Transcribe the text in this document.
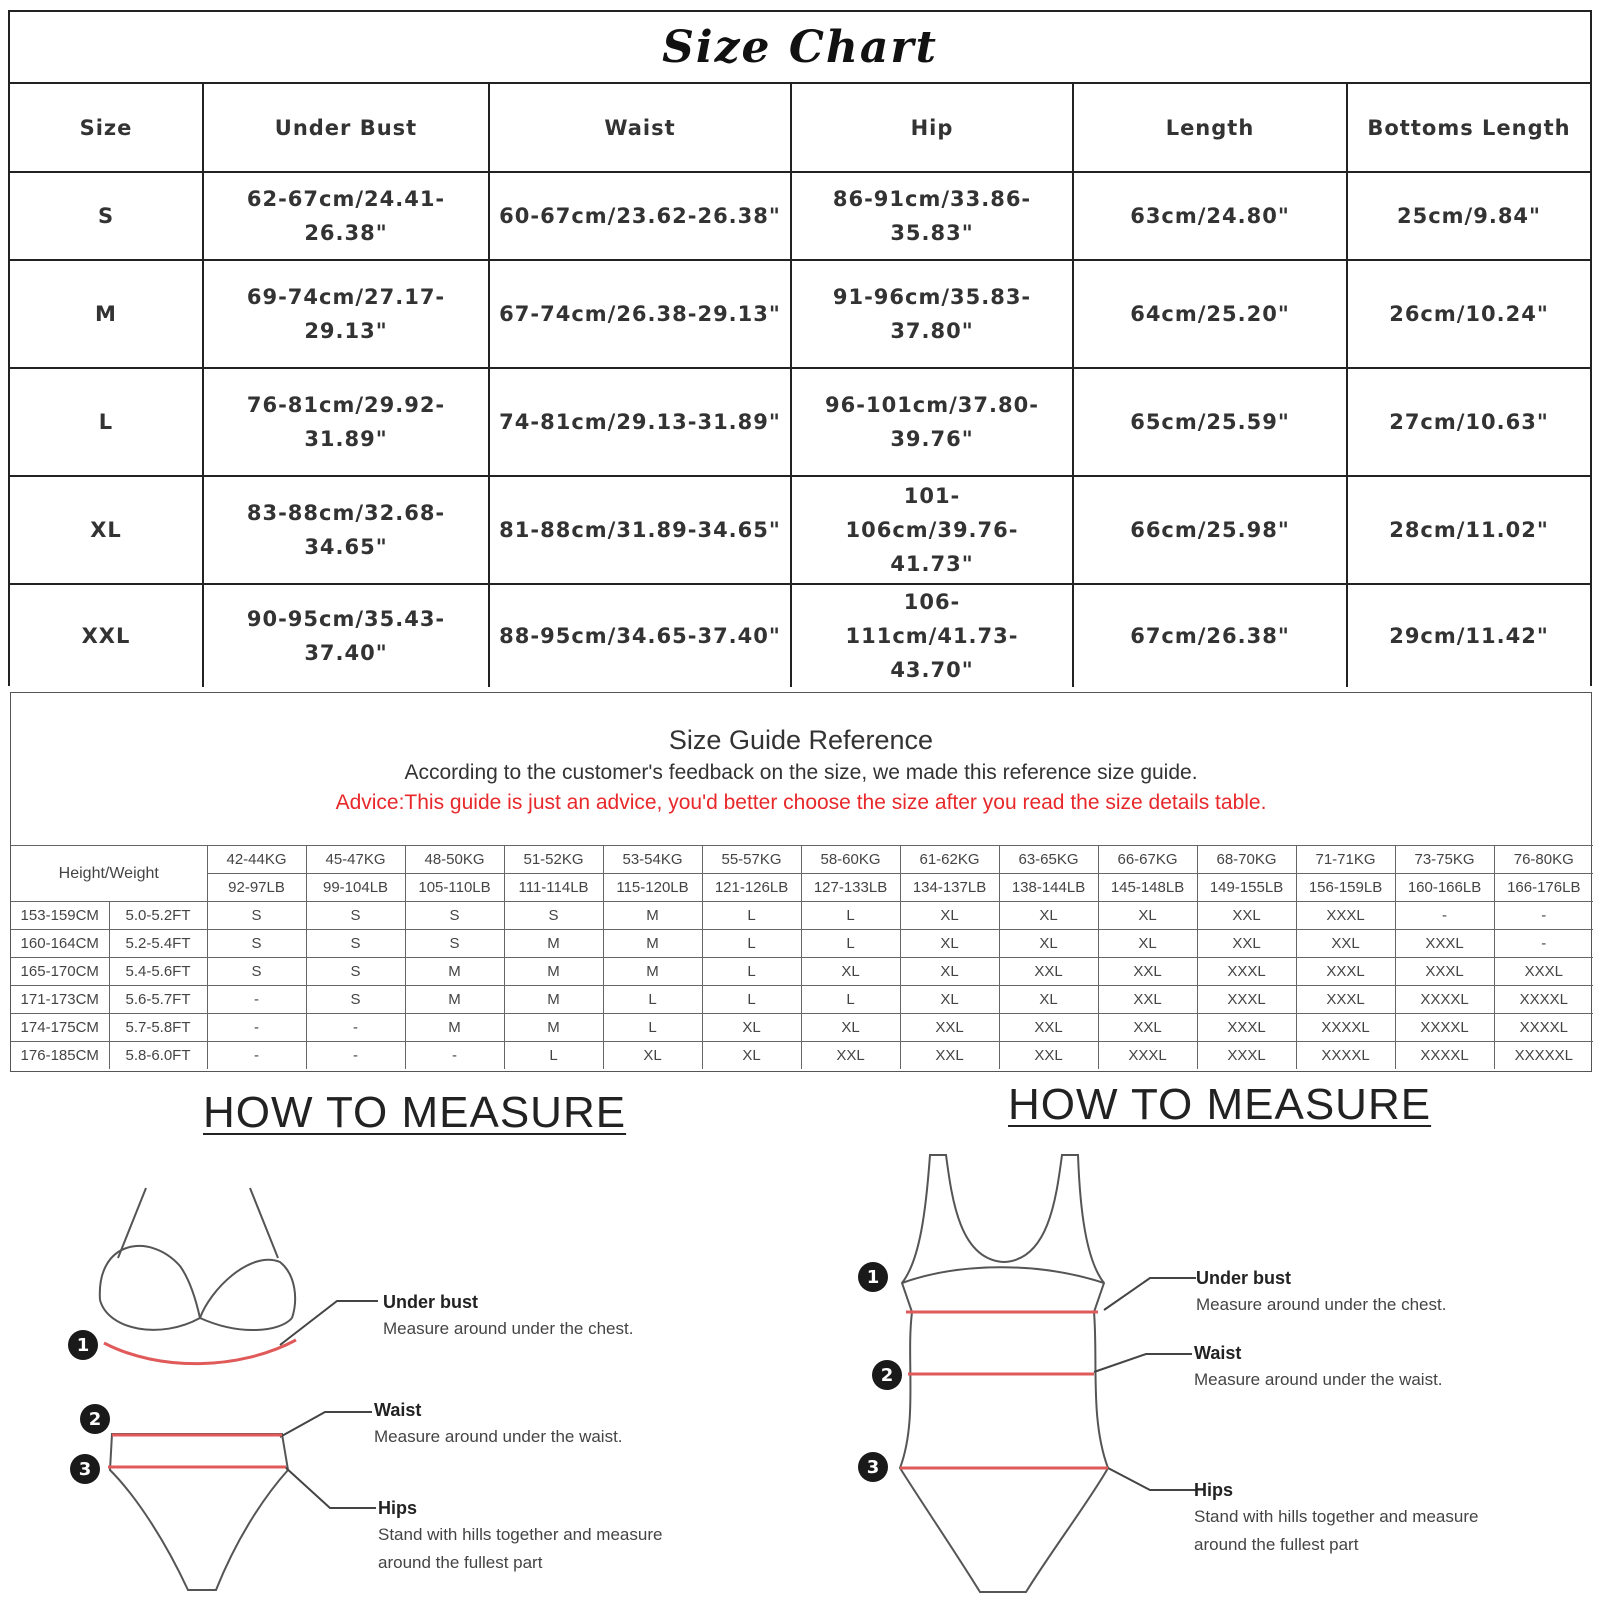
Size Chart
Size	Under Bust	Waist	Hip	Length	Bottoms Length
S	62-67cm/24.41-26.38"	60-67cm/23.62-26.38"	86-91cm/33.86-35.83"	63cm/24.80"	25cm/9.84"
M	69-74cm/27.17-29.13"	67-74cm/26.38-29.13"	91-96cm/35.83-37.80"	64cm/25.20"	26cm/10.24"
L	76-81cm/29.92-31.89"	74-81cm/29.13-31.89"	96-101cm/37.80-39.76"	65cm/25.59"	27cm/10.63"
XL	83-88cm/32.68-34.65"	81-88cm/31.89-34.65"	101-106cm/39.76-41.73"	66cm/25.98"	28cm/11.02"
XXL	90-95cm/35.43-37.40"	88-95cm/34.65-37.40"	106-111cm/41.73-43.70"	67cm/26.38"	29cm/11.42"
Size Guide Reference
According to the customer's feedback on the size, we made this reference size guide.
Advice:This guide is just an advice, you'd better choose the size after you read the size details table.
Height/Weight		42-44KG	45-47KG	48-50KG	51-52KG	53-54KG	55-57KG	58-60KG	61-62KG	63-65KG	66-67KG	68-70KG	71-71KG	73-75KG	76-80KG
		92-97LB	99-104LB	105-110LB	111-114LB	115-120LB	121-126LB	127-133LB	134-137LB	138-144LB	145-148LB	149-155LB	156-159LB	160-166LB	166-176LB
153-159CM	5.0-5.2FT	S	S	S	S	M	L	L	XL	XL	XL	XXL	XXXL	-	-
160-164CM	5.2-5.4FT	S	S	S	M	M	L	L	XL	XL	XL	XXL	XXL	XXXL	-
165-170CM	5.4-5.6FT	S	S	M	M	M	L	XL	XL	XXL	XXL	XXXL	XXXL	XXXL	XXXL
171-173CM	5.6-5.7FT	-	S	M	M	L	L	L	XL	XL	XXL	XXXL	XXXL	XXXXL	XXXXL
174-175CM	5.7-5.8FT	-	-	M	M	L	XL	XL	XXL	XXL	XXL	XXXL	XXXXL	XXXXL	XXXXL
176-185CM	5.8-6.0FT	-	-	-	L	XL	XL	XXL	XXL	XXL	XXXL	XXXL	XXXXL	XXXXL	XXXXXL
HOW TO MEASURE
1
2
3
Under bust
Measure around under the chest.
Waist
Measure around under the waist.
Hips
Stand with hills together and measure
around the fullest part
HOW TO MEASURE
1
2
3
Under bust
Measure around under the chest.
Waist
Measure around under the waist.
Hips
Stand with hills together and measure
around the fullest part
